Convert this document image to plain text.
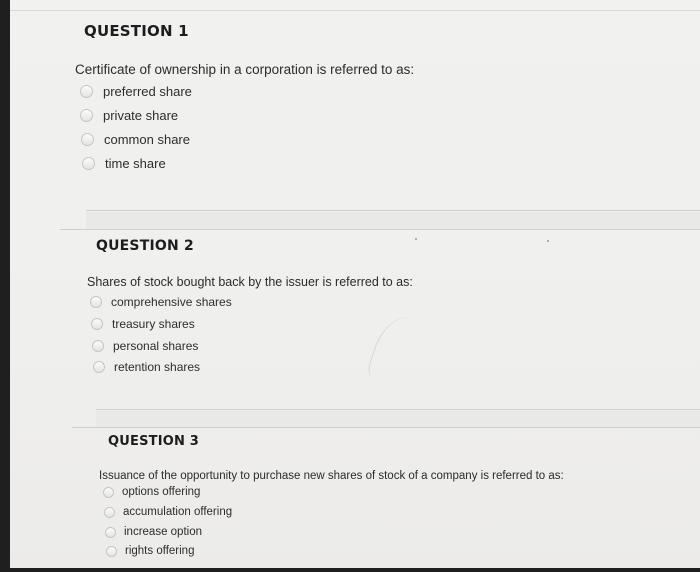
QUESTION 1
Certificate of ownership in a corporation is referred to as:
preferred share
private share
common share
time share
QUESTION 2
Shares of stock bought back by the issuer is referred to as:
comprehensive shares
treasury shares
personal shares
retention shares
QUESTION 3
Issuance of the opportunity to purchase new shares of stock of a company is referred to as:
options offering
accumulation offering
increase option
rights offering
